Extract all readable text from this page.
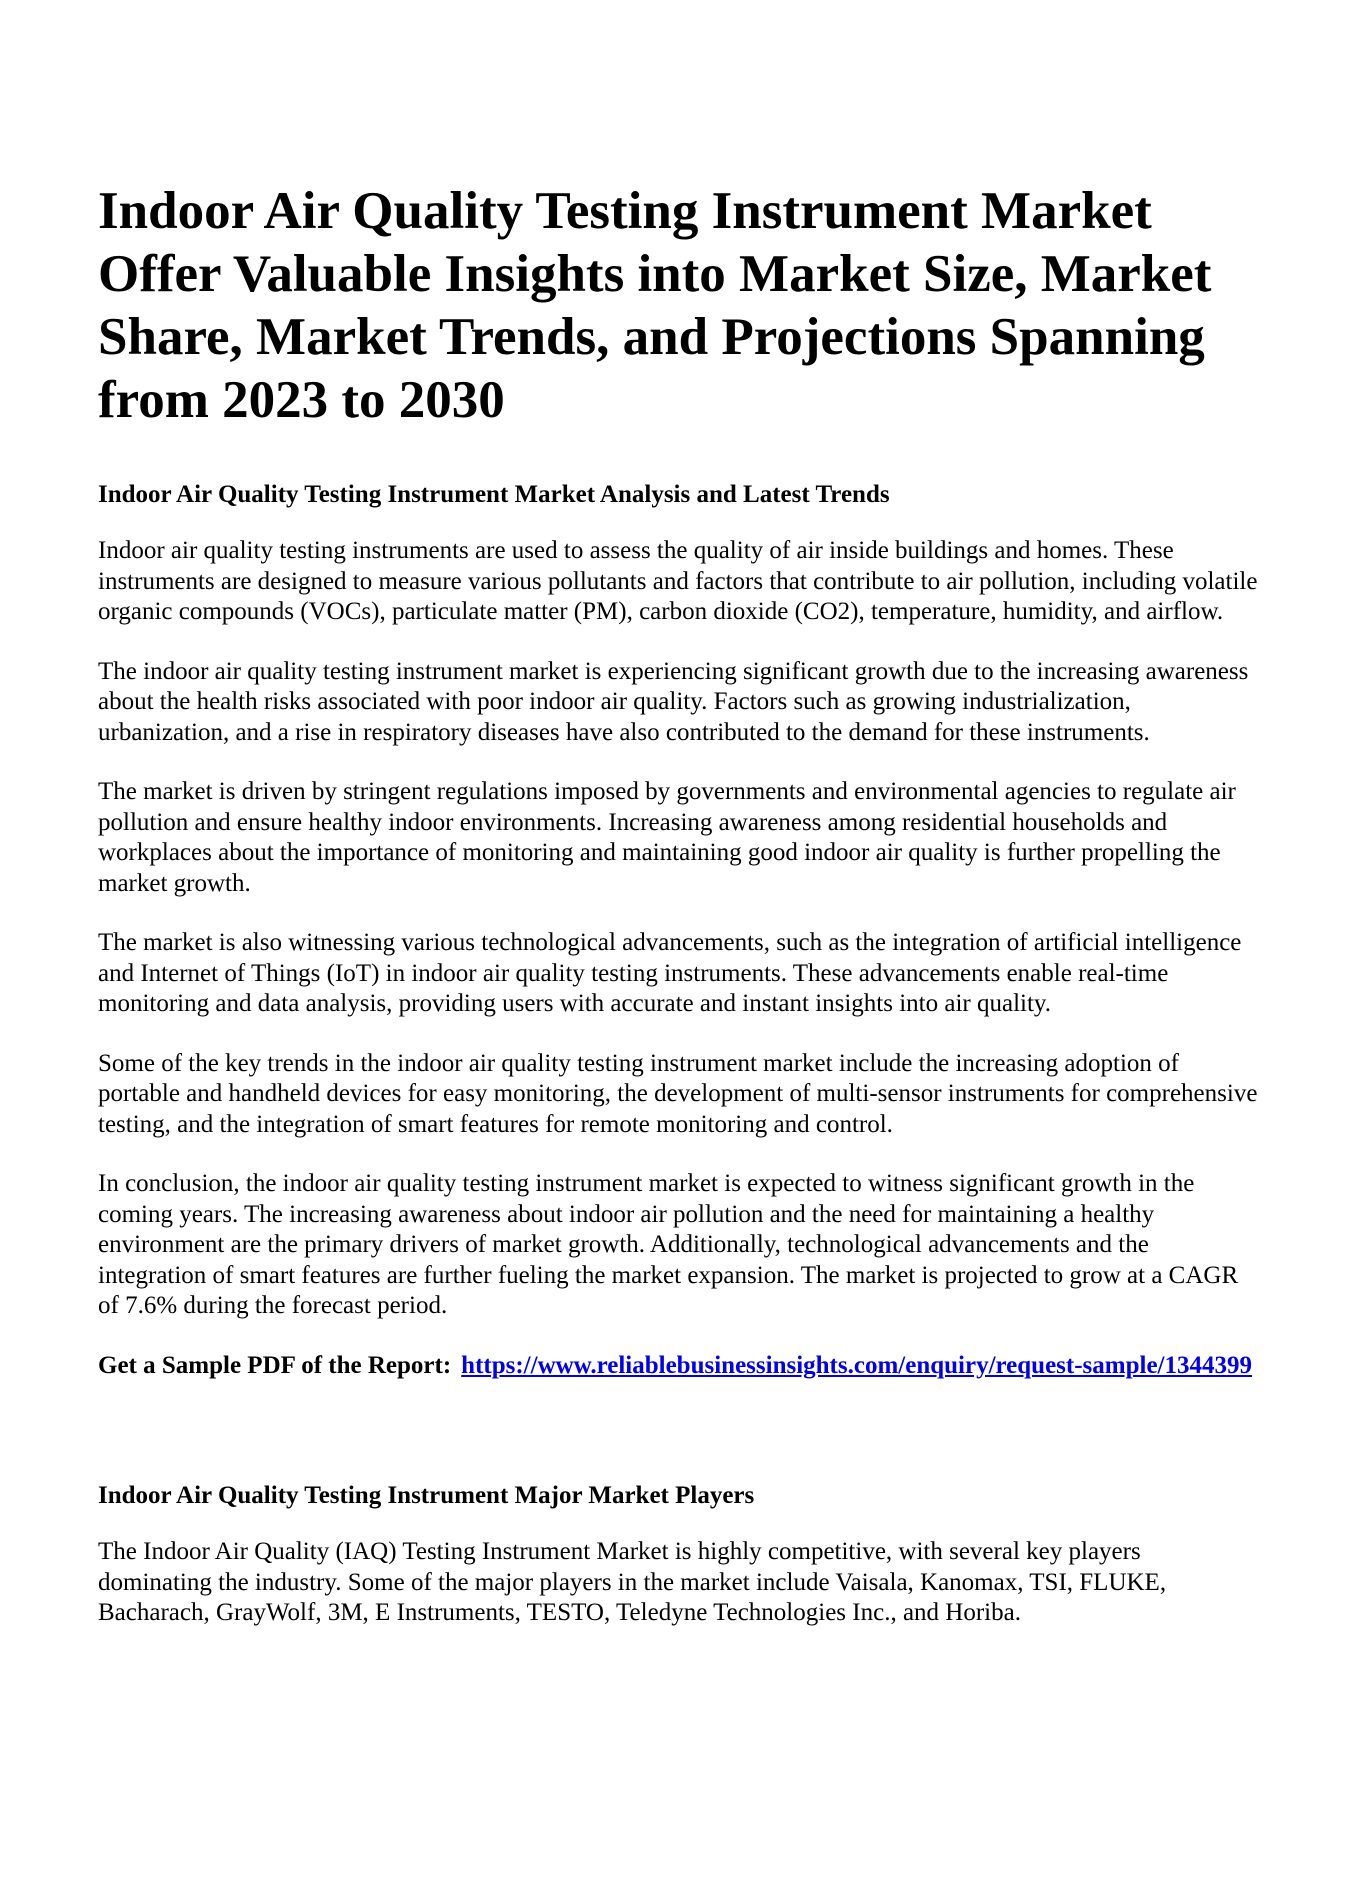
Indoor Air Quality Testing Instrument Market Offer Valuable Insights into Market Size, Market Share, Market Trends, and Projections Spanning from 2023 to 2030
Indoor Air Quality Testing Instrument Market Analysis and Latest Trends

Indoor air quality testing instruments are used to assess the quality of air inside buildings and homes. These instruments are designed to measure various pollutants and factors that contribute to air pollution, including volatile organic compounds (VOCs), particulate matter (PM), carbon dioxide (CO2), temperature, humidity, and airflow.

The indoor air quality testing instrument market is experiencing significant growth due to the increasing awareness about the health risks associated with poor indoor air quality. Factors such as growing industrialization, urbanization, and a rise in respiratory diseases have also contributed to the demand for these instruments.

The market is driven by stringent regulations imposed by governments and environmental agencies to regulate air pollution and ensure healthy indoor environments. Increasing awareness among residential households and workplaces about the importance of monitoring and maintaining good indoor air quality is further propelling the market growth.

The market is also witnessing various technological advancements, such as the integration of artificial intelligence and Internet of Things (IoT) in indoor air quality testing instruments. These advancements enable real-time monitoring and data analysis, providing users with accurate and instant insights into air quality.

Some of the key trends in the indoor air quality testing instrument market include the increasing adoption of portable and handheld devices for easy monitoring, the development of multi-sensor instruments for comprehensive testing, and the integration of smart features for remote monitoring and control.

In conclusion, the indoor air quality testing instrument market is expected to witness significant growth in the coming years. The increasing awareness about indoor air pollution and the need for maintaining a healthy environment are the primary drivers of market growth. Additionally, technological advancements and the integration of smart features are further fueling the market expansion. The market is projected to grow at a CAGR of 7.6% during the forecast period.

Get a Sample PDF of the Report: https://www.reliablebusinessinsights.com/enquiry/request-sample/1344399

Indoor Air Quality Testing Instrument Major Market Players

The Indoor Air Quality (IAQ) Testing Instrument Market is highly competitive, with several key players dominating the industry. Some of the major players in the market include Vaisala, Kanomax, TSI, FLUKE, Bacharach, GrayWolf, 3M, E Instruments, TESTO, Teledyne Technologies Inc., and Horiba.
